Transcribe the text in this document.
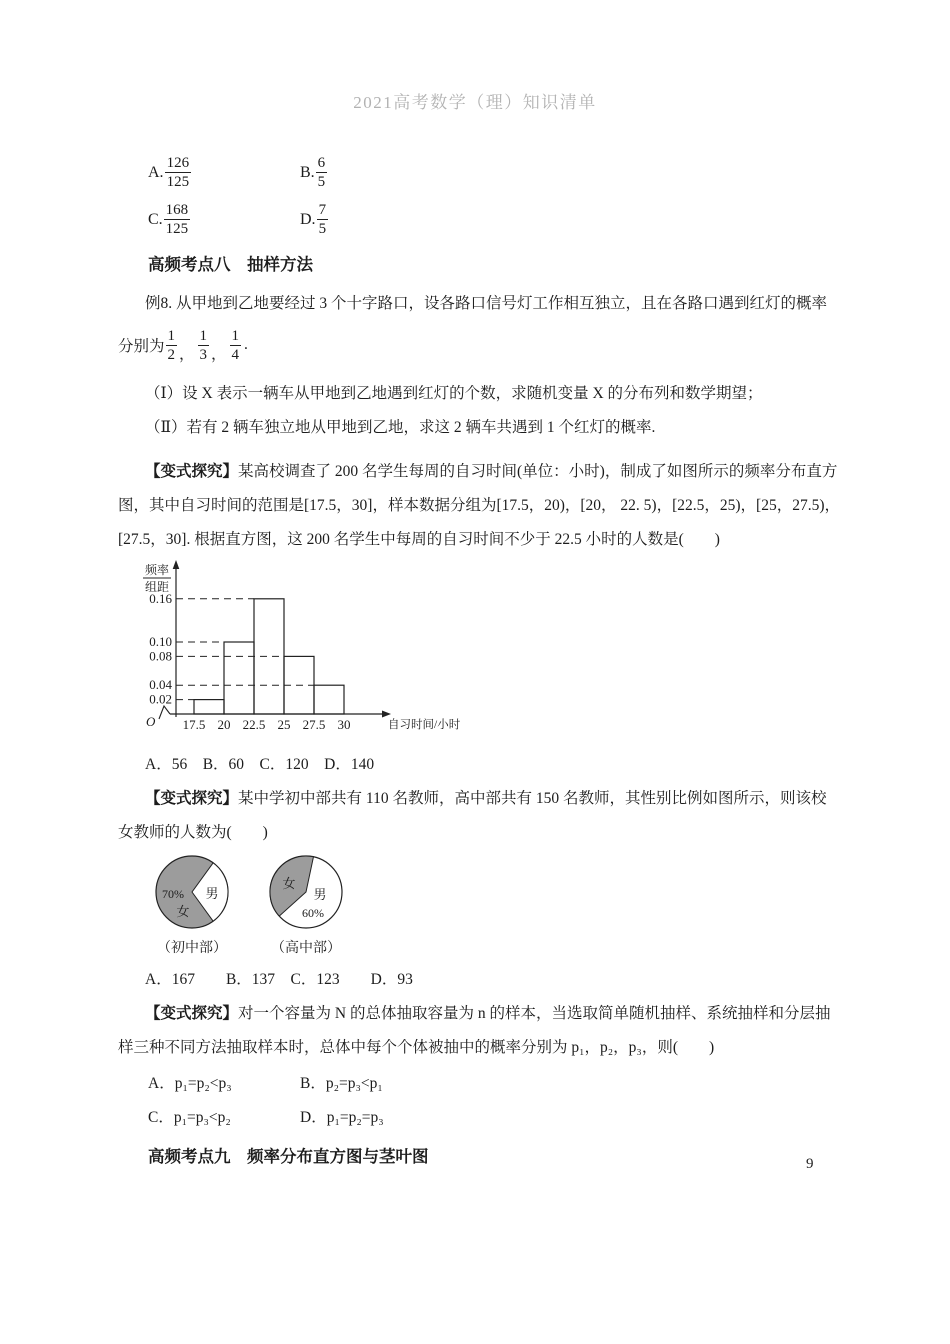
2021高考数学（理）知识清单
A. $\frac{126}{125}$	B. $\frac{6}{5}$
C. $\frac{168}{125}$	D. $\frac{7}{5}$
高频考点八　抽样方法
例8. 从甲地到乙地要经过 3 个十字路口，设各路口信号灯工作相互独立，且在各路口遇到红灯的概率
分别为 $\frac{1}{2}$ ， $\frac{1}{3}$ ， $\frac{1}{4}$ .
（Ⅰ）设 X 表示一辆车从甲地到乙地遇到红灯的个数，求随机变量 X 的分布列和数学期望；
（Ⅱ）若有 2 辆车独立地从甲地到乙地，求这 2 辆车共遇到 1 个红灯的概率.
【变式探究】某高校调查了 200 名学生每周的自习时间(单位：小时)，制成了如图所示的频率分布直方
图，其中自习时间的范围是[17.5，30]，样本数据分组为[17.5，20)，[20， 22. 5)，[22.5，25)，[25，27.5)，
[27.5，30]. 根据直方图，这 200 名学生中每周的自习时间不少于 22.5 小时的人数是(　　)
O
0.02
0.04
0.08
0.10
0.16
17.5 20 22.5 25 27.5 30	自习时间/小时
频率
组距
A．56　B．60　C．120　D．140
【变式探究】某中学初中部共有 110 名教师，高中部共有 150 名教师，其性别比例如图所示，则该校
女教师的人数为(　　)
男
70%
女
（初中部）
女
男
60%
（高中部）
A．167　　B．137　C．123　　D．93
【变式探究】对一个容量为 N 的总体抽取容量为 n 的样本，当选取简单随机抽样、系统抽样和分层抽
样三种不同方法抽取样本时，总体中每个个体被抽中的概率分别为 p₁，p₂，p₃，则(　　)
A．p₁=p₂<p₃	B．p₂=p₃<p₁
C．p₁=p₃<p₂	D．p₁=p₂=p₃
高频考点九　频率分布直方图与茎叶图	9
